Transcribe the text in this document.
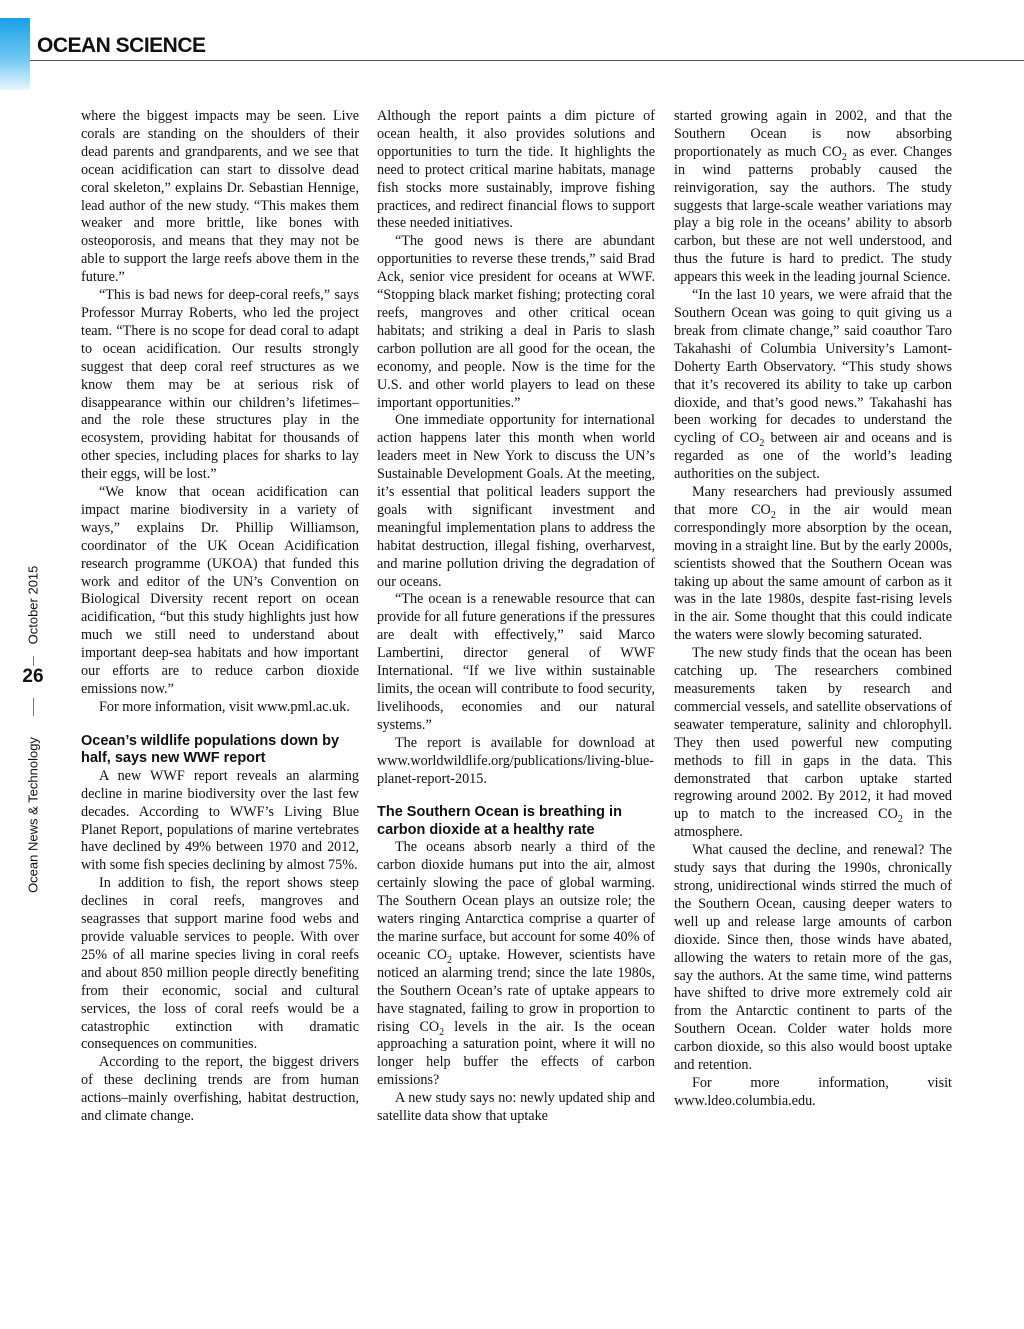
OCEAN SCIENCE
October 2015
26
Ocean News & Technology

where the biggest impacts may be seen. Live corals are standing on the shoulders of their dead parents and grandparents, and we see that ocean acidification can start to dissolve dead coral skeleton,” explains Dr. Sebastian Hennige, lead author of the new study. “This makes them weaker and more brittle, like bones with osteoporosis, and means that they may not be able to support the large reefs above them in the future.”

“This is bad news for deep-coral reefs,” says Professor Murray Roberts, who led the project team. “There is no scope for dead coral to adapt to ocean acidification. Our results strongly suggest that deep coral reef structures as we know them may be at serious risk of disappearance within our children’s lifetimes–and the role these structures play in the ecosystem, providing habitat for thousands of other species, including places for sharks to lay their eggs, will be lost.”

“We know that ocean acidification can impact marine biodiversity in a variety of ways,” explains Dr. Phillip Williamson, coordinator of the UK Ocean Acidification research programme (UKOA) that funded this work and editor of the UN’s Convention on Biological Diversity recent report on ocean acidification, “but this study highlights just how much we still need to understand about important deep-sea habitats and how important our efforts are to reduce carbon dioxide emissions now.”

For more information, visit www.pml.ac.uk.

Ocean’s wildlife populations down by half, says new WWF report

A new WWF report reveals an alarming decline in marine biodiversity over the last few decades. According to WWF’s Living Blue Planet Report, populations of marine vertebrates have declined by 49% between 1970 and 2012, with some fish species declining by almost 75%.

In addition to fish, the report shows steep declines in coral reefs, mangroves and seagrasses that support marine food webs and provide valuable services to people. With over 25% of all marine species living in coral reefs and about 850 million people directly benefiting from their economic, social and cultural services, the loss of coral reefs would be a catastrophic extinction with dramatic consequences on communities.

According to the report, the biggest drivers of these declining trends are from human actions–mainly overfishing, habitat destruction, and climate change.

Although the report paints a dim picture of ocean health, it also provides solutions and opportunities to turn the tide. It highlights the need to protect critical marine habitats, manage fish stocks more sustainably, improve fishing practices, and redirect financial flows to support these needed initiatives.

“The good news is there are abundant opportunities to reverse these trends,” said Brad Ack, senior vice president for oceans at WWF. “Stopping black market fishing; protecting coral reefs, mangroves and other critical ocean habitats; and striking a deal in Paris to slash carbon pollution are all good for the ocean, the economy, and people. Now is the time for the U.S. and other world players to lead on these important opportunities.”

One immediate opportunity for international action happens later this month when world leaders meet in New York to discuss the UN’s Sustainable Development Goals. At the meeting, it’s essential that political leaders support the goals with significant investment and meaningful implementation plans to address the habitat destruction, illegal fishing, overharvest, and marine pollution driving the degradation of our oceans.

“The ocean is a renewable resource that can provide for all future generations if the pressures are dealt with effectively,” said Marco Lambertini, director general of WWF International. “If we live within sustainable limits, the ocean will contribute to food security, livelihoods, economies and our natural systems.”

The report is available for download at www.worldwildlife.org/publications/living-blue-planet-report-2015.

The Southern Ocean is breathing in carbon dioxide at a healthy rate

The oceans absorb nearly a third of the carbon dioxide humans put into the air, almost certainly slowing the pace of global warming. The Southern Ocean plays an outsize role; the waters ringing Antarctica comprise a quarter of the marine surface, but account for some 40% of oceanic $CO_2$ uptake. However, scientists have noticed an alarming trend; since the late 1980s, the Southern Ocean’s rate of uptake appears to have stagnated, failing to grow in proportion to rising $CO_2$ levels in the air. Is the ocean approaching a saturation point, where it will no longer help buffer the effects of carbon emissions?

A new study says no: newly updated ship and satellite data show that uptake

started growing again in 2002, and that the Southern Ocean is now absorbing proportionately as much $CO_2$ as ever. Changes in wind patterns probably caused the reinvigoration, say the authors. The study suggests that large-scale weather variations may play a big role in the oceans’ ability to absorb carbon, but these are not well understood, and thus the future is hard to predict. The study appears this week in the leading journal Science.

“In the last 10 years, we were afraid that the Southern Ocean was going to quit giving us a break from climate change,” said coauthor Taro Takahashi of Columbia University’s Lamont-Doherty Earth Observatory. “This study shows that it’s recovered its ability to take up carbon dioxide, and that’s good news.” Takahashi has been working for decades to understand the cycling of $CO_2$ between air and oceans and is regarded as one of the world’s leading authorities on the subject.

Many researchers had previously assumed that more $CO_2$ in the air would mean correspondingly more absorption by the ocean, moving in a straight line. But by the early 2000s, scientists showed that the Southern Ocean was taking up about the same amount of carbon as it was in the late 1980s, despite fast-rising levels in the air. Some thought that this could indicate the waters were slowly becoming saturated.

The new study finds that the ocean has been catching up. The researchers combined measurements taken by research and commercial vessels, and satellite observations of seawater temperature, salinity and chlorophyll. They then used powerful new computing methods to fill in gaps in the data. This demonstrated that carbon uptake started regrowing around 2002. By 2012, it had moved up to match to the increased $CO_2$ in the atmosphere.

What caused the decline, and renewal? The study says that during the 1990s, chronically strong, unidirectional winds stirred the much of the Southern Ocean, causing deeper waters to well up and release large amounts of carbon dioxide. Since then, those winds have abated, allowing the waters to retain more of the gas, say the authors. At the same time, wind patterns have shifted to drive more extremely cold air from the Antarctic continent to parts of the Southern Ocean. Colder water holds more carbon dioxide, so this also would boost uptake and retention.

For more information, visit www.ldeo.columbia.edu.
